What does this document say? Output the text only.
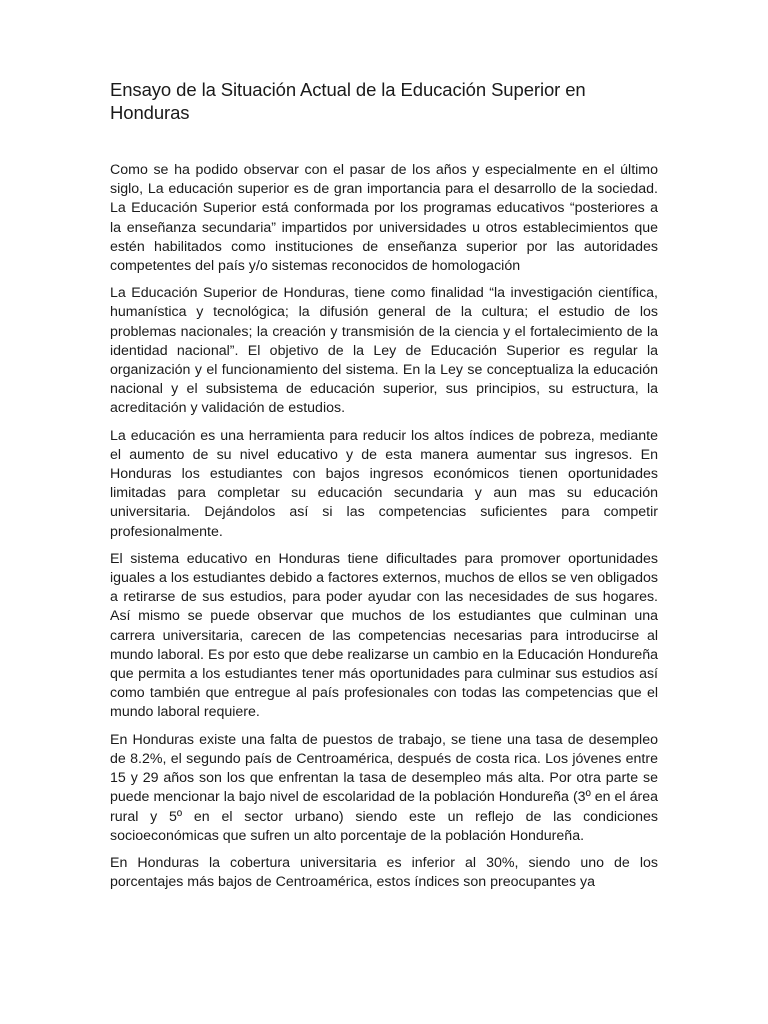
Ensayo de la Situación Actual de la Educación Superior en Honduras

Como se ha podido observar con el pasar de los años y especialmente en el último siglo, La educación superior es de gran importancia para el desarrollo de la sociedad. La Educación Superior está conformada por los programas educativos “posteriores a la enseñanza secundaria” impartidos por universidades u otros establecimientos que estén habilitados como instituciones de enseñanza superior por las autoridades competentes del país y/o sistemas reconocidos de homologación

La Educación Superior de Honduras, tiene como finalidad “la investigación científica, humanística y tecnológica; la difusión general de la cultura; el estudio de los problemas nacionales; la creación y transmisión de la ciencia y el fortalecimiento de la identidad nacional”. El objetivo de la Ley de Educación Superior es regular la organización y el funcionamiento del sistema. En la Ley se conceptualiza la educación nacional y el subsistema de educación superior, sus principios, su estructura, la acreditación y validación de estudios.

La educación es una herramienta para reducir los altos índices de pobreza, mediante el aumento de su nivel educativo y de esta manera aumentar sus ingresos. En Honduras los estudiantes con bajos ingresos económicos tienen oportunidades limitadas para completar su educación secundaria y aun mas su educación universitaria. Dejándolos así si las competencias suficientes para competir profesionalmente.

El sistema educativo en Honduras tiene dificultades para promover oportunidades iguales a los estudiantes debido a factores externos, muchos de ellos se ven obligados a retirarse de sus estudios, para poder ayudar con las necesidades de sus hogares. Así mismo se puede observar que muchos de los estudiantes que culminan una carrera universitaria, carecen de las competencias necesarias para introducirse al mundo laboral. Es por esto que debe realizarse un cambio en la Educación Hondureña que permita a los estudiantes tener más oportunidades para culminar sus estudios así como también que entregue al país profesionales con todas las competencias que el mundo laboral requiere.

En Honduras existe una falta de puestos de trabajo, se tiene una tasa de desempleo de 8.2%, el segundo país de Centroamérica, después de costa rica. Los jóvenes entre 15 y 29 años son los que enfrentan la tasa de desempleo más alta. Por otra parte se puede mencionar la bajo nivel de escolaridad de la población Hondureña (3º en el área rural y 5º en el sector urbano) siendo este un reflejo de las condiciones socioeconómicas que sufren un alto porcentaje de la población Hondureña.

En Honduras la cobertura universitaria es inferior al 30%, siendo uno de los porcentajes más bajos de Centroamérica, estos índices son preocupantes ya
